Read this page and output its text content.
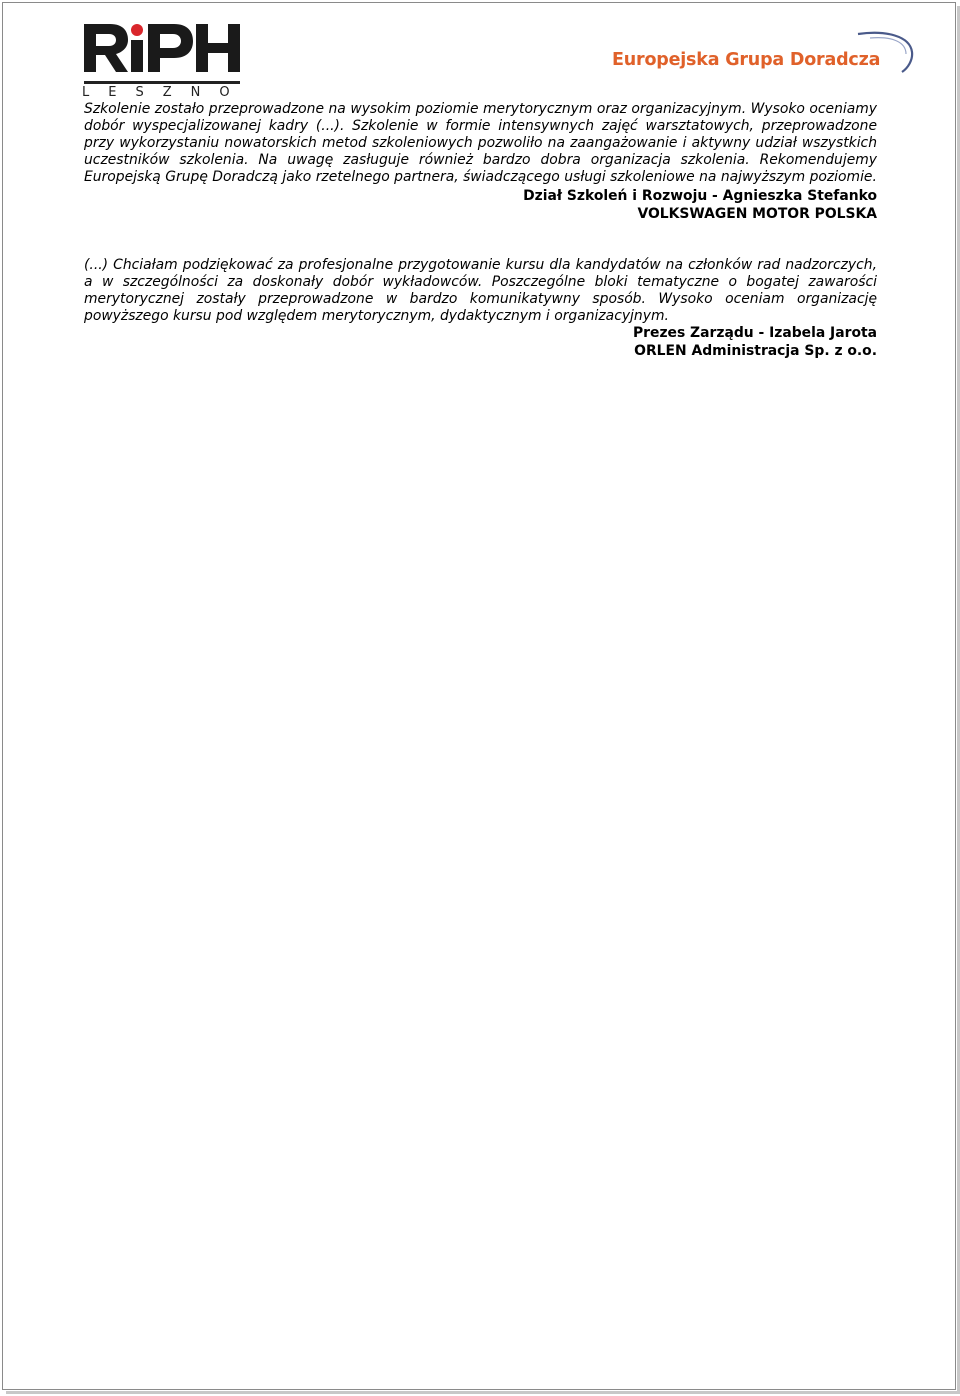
LESZNO
Europejska Grupa Doradcza

Szkolenie zostało przeprowadzone na wysokim poziomie merytorycznym oraz organizacyjnym. Wysoko oceniamy dobór wyspecjalizowanej kadry (...). Szkolenie w formie intensywnych zajęć warsztatowych, przeprowadzone przy wykorzystaniu nowatorskich metod szkoleniowych pozwoliło na zaangażowanie i aktywny udział wszystkich uczestników szkolenia. Na uwagę zasługuje również bardzo dobra organizacja szkolenia. Rekomendujemy Europejską Grupę Doradczą jako rzetelnego partnera, świadczącego usługi szkoleniowe na najwyższym poziomie.

Dział Szkoleń i Rozwoju - Agnieszka Stefanko

VOLKSWAGEN MOTOR POLSKA

(...) Chciałam podziękować za profesjonalne przygotowanie kursu dla kandydatów na członków rad nadzorczych, a w szczególności za doskonały dobór wykładowców. Poszczególne bloki tematyczne o bogatej zawarości merytorycznej zostały przeprowadzone w bardzo komunikatywny sposób. Wysoko oceniam organizację powyższego kursu pod względem merytorycznym, dydaktycznym i organizacyjnym.

Prezes Zarządu - Izabela Jarota

ORLEN Administracja Sp. z o.o.
